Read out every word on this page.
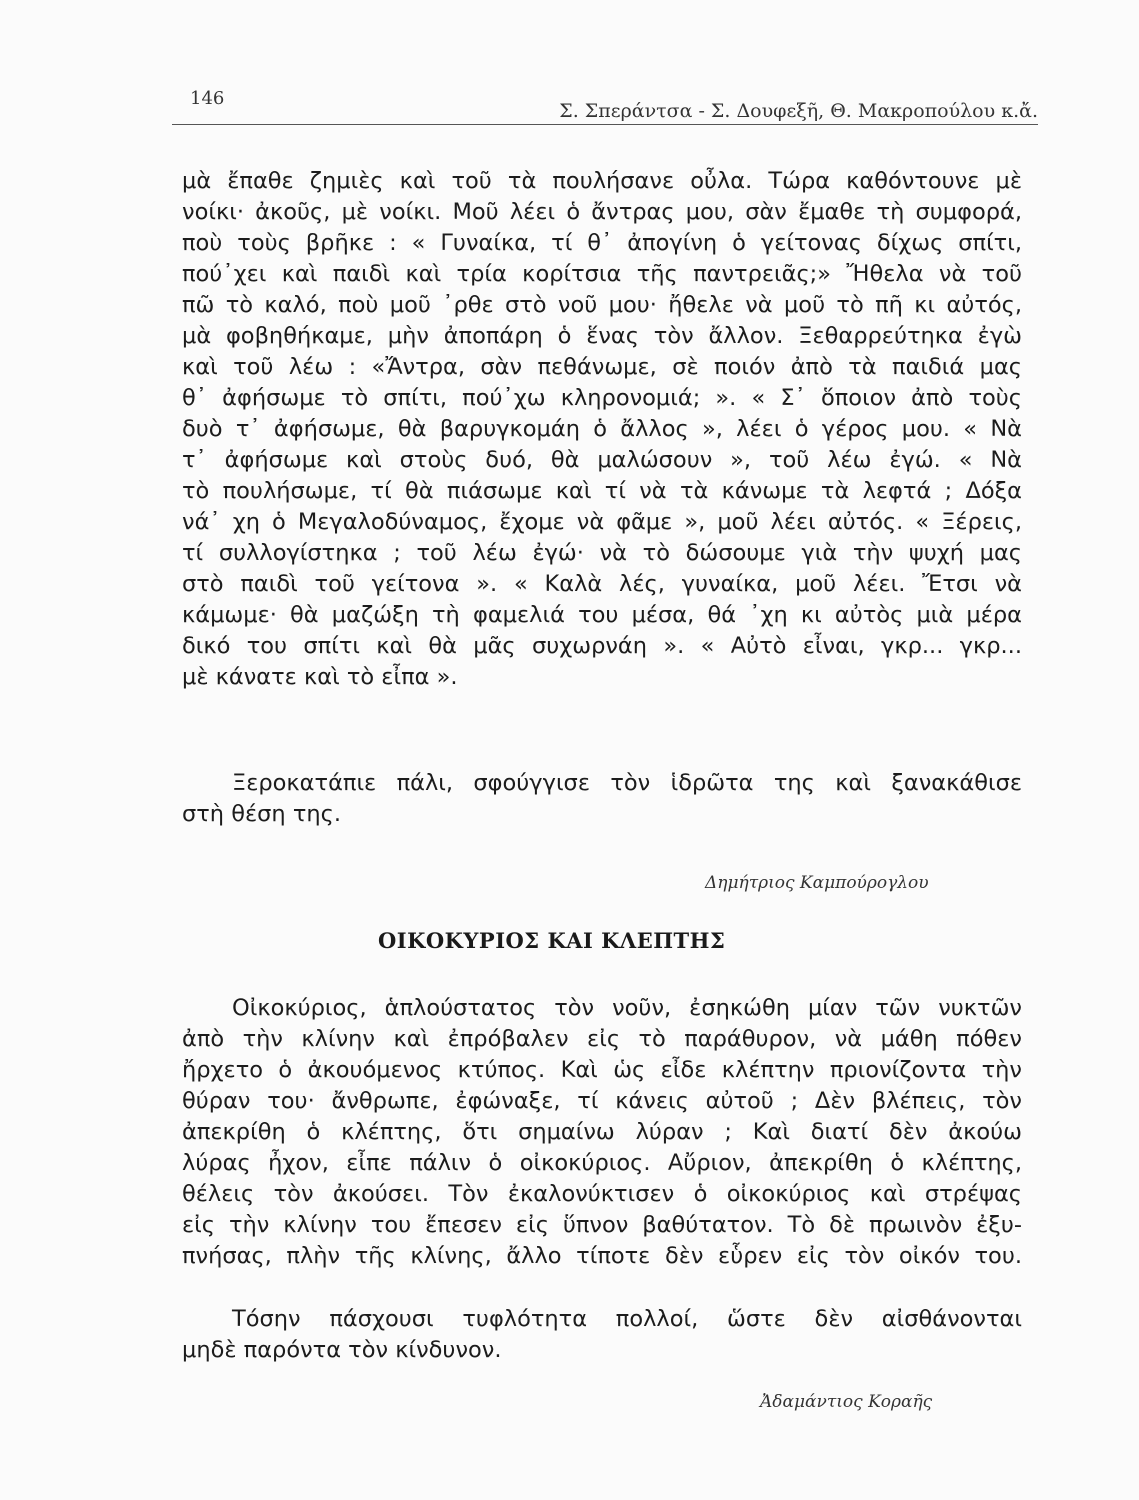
146
Σ. Σπεράντσα - Σ. Δουφεξῆ, Θ. Μακροπούλου κ.ἄ.
μὰ ἔπαθε ζημιὲς καὶ τοῦ τὰ πουλήσανε οὖλα. Τώρα καθόντουνε μὲ
νοίκι· ἀκοῦς, μὲ νοίκι. Μοῦ λέει ὁ ἄντρας μου, σὰν ἔμαθε τὴ συμφορά,
ποὺ τοὺς βρῆκε : « Γυναίκα, τί θ᾽ ἀπογίνη ὁ γείτονας δίχως σπίτι,
πού᾽χει καὶ παιδὶ καὶ τρία κορίτσια τῆς παντρειᾶς;» Ἤθελα νὰ τοῦ
πῶ τὸ καλό, ποὺ μοῦ ᾽ρθε στὸ νοῦ μου· ἤθελε νὰ μοῦ τὸ πῆ κι αὐτός,
μὰ φοβηθήκαμε, μὴν ἀποπάρη ὁ ἕνας τὸν ἄλλον. Ξεθαρρεύτηκα ἐγὼ
καὶ τοῦ λέω : «Ἄντρα, σὰν πεθάνωμε, σὲ ποιόν ἀπὸ τὰ παιδιά μας
θ᾽ ἀφήσωμε τὸ σπίτι, πού᾽χω κληρονομιά; ». « Σ᾽ ὅποιον ἀπὸ τοὺς
δυὸ τ᾽ ἀφήσωμε, θὰ βαρυγκομάη ὁ ἄλλος », λέει ὁ γέρος μου. « Νὰ
τ᾽ ἀφήσωμε καὶ στοὺς δυό, θὰ μαλώσουν », τοῦ λέω ἐγώ. « Νὰ
τὸ πουλήσωμε, τί θὰ πιάσωμε καὶ τί νὰ τὰ κάνωμε τὰ λεφτά ; Δόξα
νά᾽ χη ὁ Μεγαλοδύναμος, ἔχομε νὰ φᾶμε », μοῦ λέει αὐτός. « Ξέρεις,
τί συλλογίστηκα ; τοῦ λέω ἐγώ· νὰ τὸ δώσουμε γιὰ τὴν ψυχή μας
στὸ παιδὶ τοῦ γείτονα ». « Καλὰ λές, γυναίκα, μοῦ λέει. Ἔτσι νὰ
κάμωμε· θὰ μαζώξη τὴ φαμελιά του μέσα, θά ᾽χη κι αὐτὸς μιὰ μέρα
δικό του σπίτι καὶ θὰ μᾶς συχωρνάη ». « Αὐτὸ εἶναι, γκρ... γκρ...
μὲ κάνατε καὶ τὸ εἶπα ».
Ξεροκατάπιε πάλι, σφούγγισε τὸν ἱδρῶτα της καὶ ξανακάθισε
στὴ θέση της.
Δημήτριος Καμπούρογλου
ΟΙΚΟΚΥΡΙΟΣ ΚΑΙ ΚΛΕΠΤΗΣ
Οἰκοκύριος, ἁπλούστατος τὸν νοῦν, ἐσηκώθη μίαν τῶν νυκτῶν
ἀπὸ τὴν κλίνην καὶ ἐπρόβαλεν εἰς τὸ παράθυρον, νὰ μάθη πόθεν
ἤρχετο ὁ ἀκουόμενος κτύπος. Καὶ ὡς εἶδε κλέπτην πριονίζοντα τὴν
θύραν του· ἄνθρωπε, ἐφώναξε, τί κάνεις αὐτοῦ ; Δὲν βλέπεις, τὸν
ἀπεκρίθη ὁ κλέπτης, ὅτι σημαίνω λύραν ; Καὶ διατί δὲν ἀκούω
λύρας ἦχον, εἶπε πάλιν ὁ οἰκοκύριος. Αὔριον, ἀπεκρίθη ὁ κλέπτης,
θέλεις τὸν ἀκούσει. Τὸν ἐκαλονύκτισεν ὁ οἰκοκύριος καὶ στρέψας
εἰς τὴν κλίνην του ἔπεσεν εἰς ὕπνον βαθύτατον. Τὸ δὲ πρωινὸν ἐξυ-
πνήσας, πλὴν τῆς κλίνης, ἄλλο τίποτε δὲν εὗρεν εἰς τὸν οἰκόν του.
Τόσην πάσχουσι τυφλότητα πολλοί, ὥστε δὲν αἰσθάνονται
μηδὲ παρόντα τὸν κίνδυνον.
Ἀδαμάντιος Κοραῆς
